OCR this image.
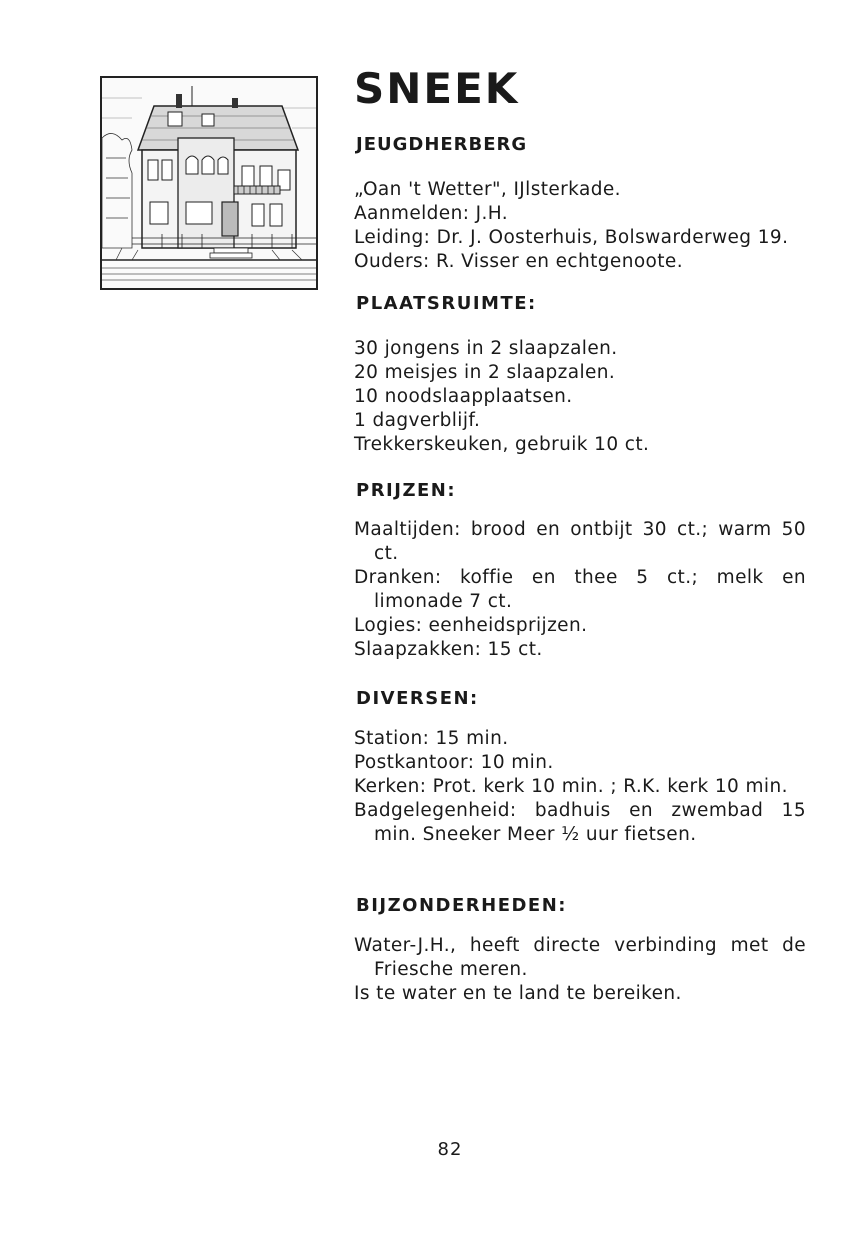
SNEEK
JEUGDHERBERG
„Oan 't Wetter", IJlsterkade.
Aanmelden: J.H.
Leiding: Dr. J. Oosterhuis, Bolswarderweg 19.
Ouders: R. Visser en echtgenoote.
PLAATSRUIMTE:
30 jongens in 2 slaapzalen.
20 meisjes in 2 slaapzalen.
10 noodslaapplaatsen.
1 dagverblijf.
Trekkerskeuken, gebruik 10 ct.
PRIJZEN:
Maaltijden: brood en ontbijt 30 ct.; warm 50 ct.
Dranken: koffie en thee 5 ct.; melk en limonade 7 ct.
Logies: eenheidsprijzen.
Slaapzakken: 15 ct.
DIVERSEN:
Station: 15 min.
Postkantoor: 10 min.
Kerken: Prot. kerk 10 min. ; R.K. kerk 10 min.
Badgelegenheid: badhuis en zwembad 15 min. Sneeker Meer ½ uur fietsen.
BIJZONDERHEDEN:
Water-J.H., heeft directe verbinding met de Friesche meren.
Is te water en te land te bereiken.
82
